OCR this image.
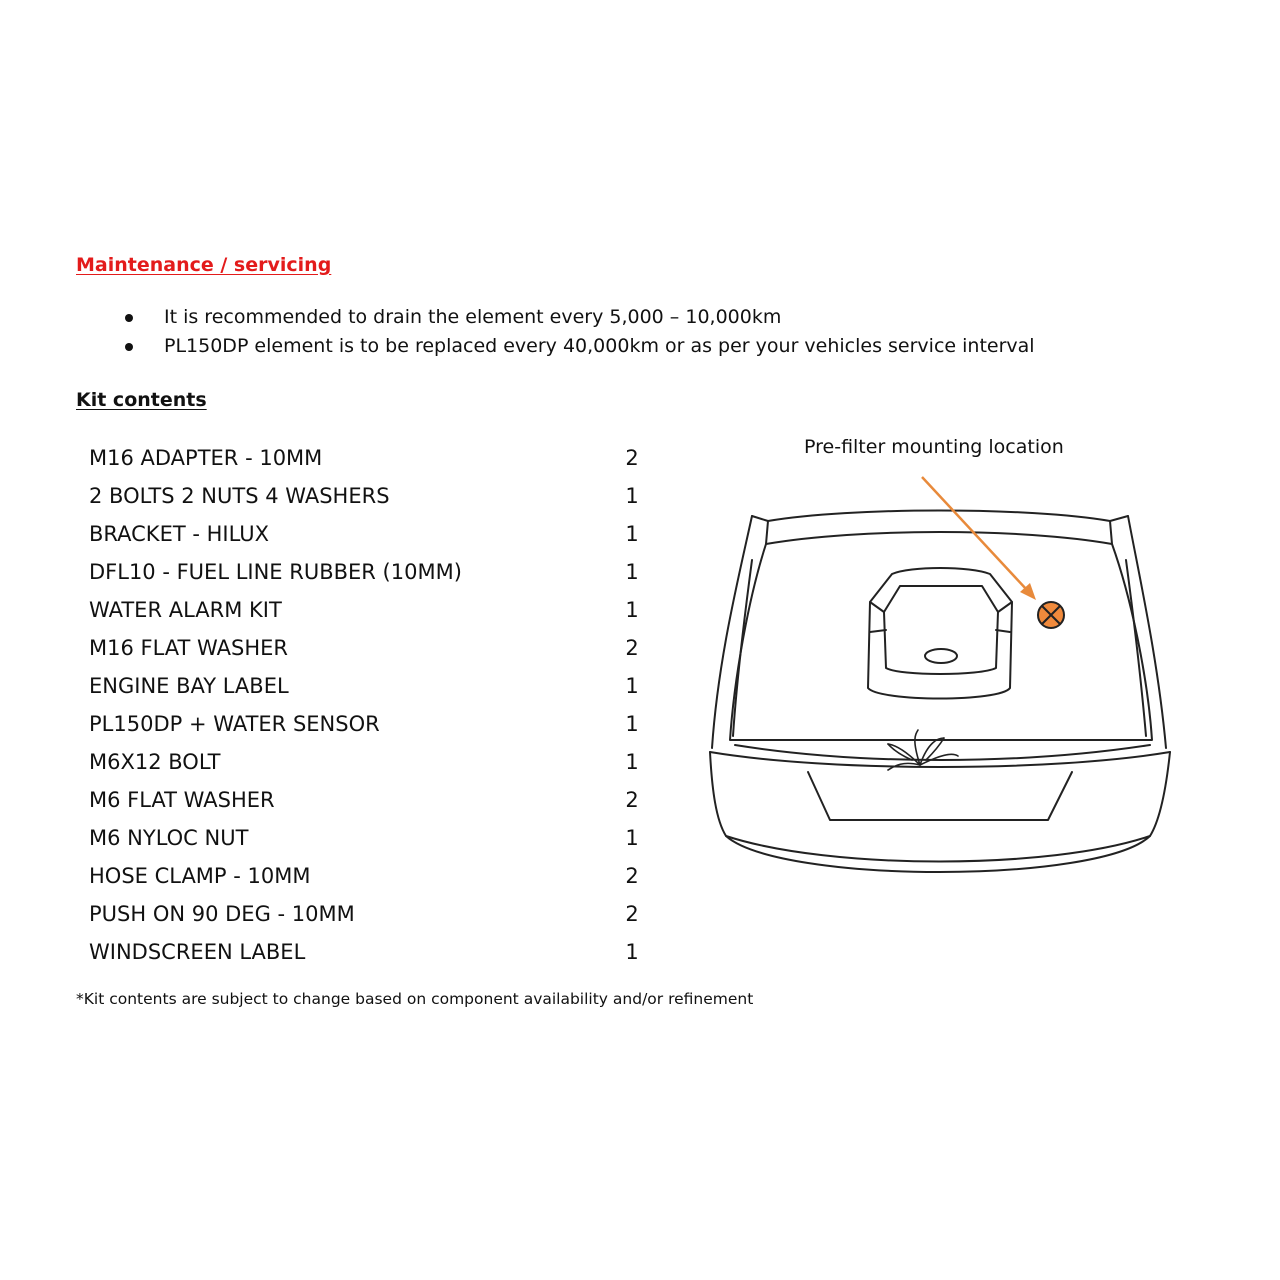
Maintenance / servicing

It is recommended to drain the element every 5,000 – 10,000km
PL150DP element is to be replaced every 40,000km or as per your vehicles service interval

Kit contents

M16 ADAPTER - 10MM	2
2 BOLTS 2 NUTS 4 WASHERS	1
BRACKET - HILUX	1
DFL10 - FUEL LINE RUBBER (10MM)	1
WATER ALARM KIT	1
M16 FLAT WASHER	2
ENGINE BAY LABEL	1
PL150DP + WATER SENSOR	1
M6X12 BOLT	1
M6 FLAT WASHER	2
M6 NYLOC NUT	1
HOSE CLAMP - 10MM	2
PUSH ON 90 DEG - 10MM	2
WINDSCREEN LABEL	1

*Kit contents are subject to change based on component availability and/or refinement

Pre-filter mounting location
